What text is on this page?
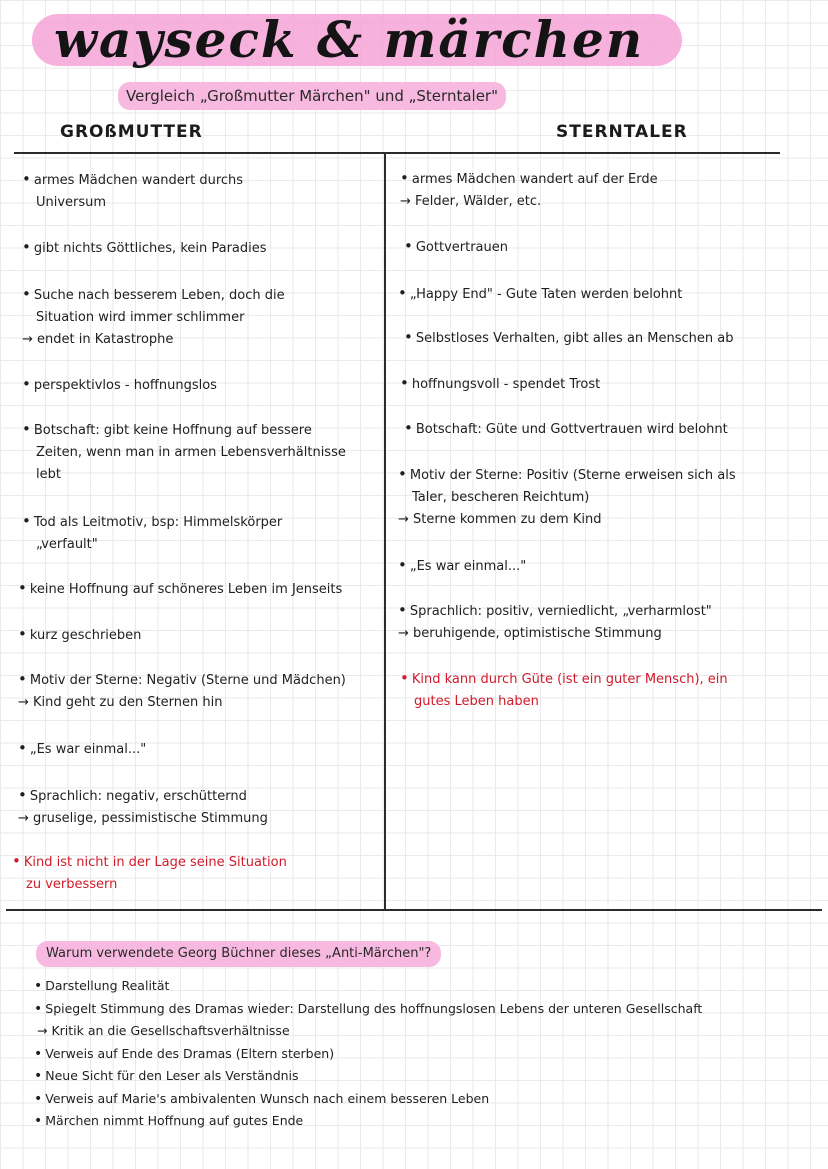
wayseck & märchen
Vergleich „Großmutter Märchen" und „Sterntaler"
GROßMUTTER	STERNTALER
• armes Mädchen wandert durchs
Universum
• gibt nichts Göttliches, kein Paradies
• Suche nach besserem Leben, doch die
Situation wird immer schlimmer
→ endet in Katastrophe
• perspektivlos - hoffnungslos
• Botschaft: gibt keine Hoffnung auf bessere
Zeiten, wenn man in armen Lebensverhältnisse
lebt
• Tod als Leitmotiv, bsp: Himmelskörper
„verfault"
• keine Hoffnung auf schöneres Leben im Jenseits
• kurz geschrieben
• Motiv der Sterne: Negativ (Sterne und Mädchen)
→ Kind geht zu den Sternen hin
• „Es war einmal..."
• Sprachlich: negativ, erschütternd
→ gruselige, pessimistische Stimmung
• Kind ist nicht in der Lage seine Situation
zu verbessern
• armes Mädchen wandert auf der Erde
→ Felder, Wälder, etc.
• Gottvertrauen
• „Happy End" - Gute Taten werden belohnt
• Selbstloses Verhalten, gibt alles an Menschen ab
• hoffnungsvoll - spendet Trost
• Botschaft: Güte und Gottvertrauen wird belohnt
• Motiv der Sterne: Positiv (Sterne erweisen sich als
Taler, bescheren Reichtum)
→ Sterne kommen zu dem Kind
• „Es war einmal..."
• Sprachlich: positiv, verniedlicht, „verharmlost"
→ beruhigende, optimistische Stimmung
• Kind kann durch Güte (ist ein guter Mensch), ein
gutes Leben haben
Warum verwendete Georg Büchner dieses „Anti-Märchen"?
• Darstellung Realität
• Spiegelt Stimmung des Dramas wieder: Darstellung des hoffnungslosen Lebens der unteren Gesellschaft
→ Kritik an die Gesellschaftsverhältnisse
• Verweis auf Ende des Dramas (Eltern sterben)
• Neue Sicht für den Leser als Verständnis
• Verweis auf Marie's ambivalenten Wunsch nach einem besseren Leben
• Märchen nimmt Hoffnung auf gutes Ende
